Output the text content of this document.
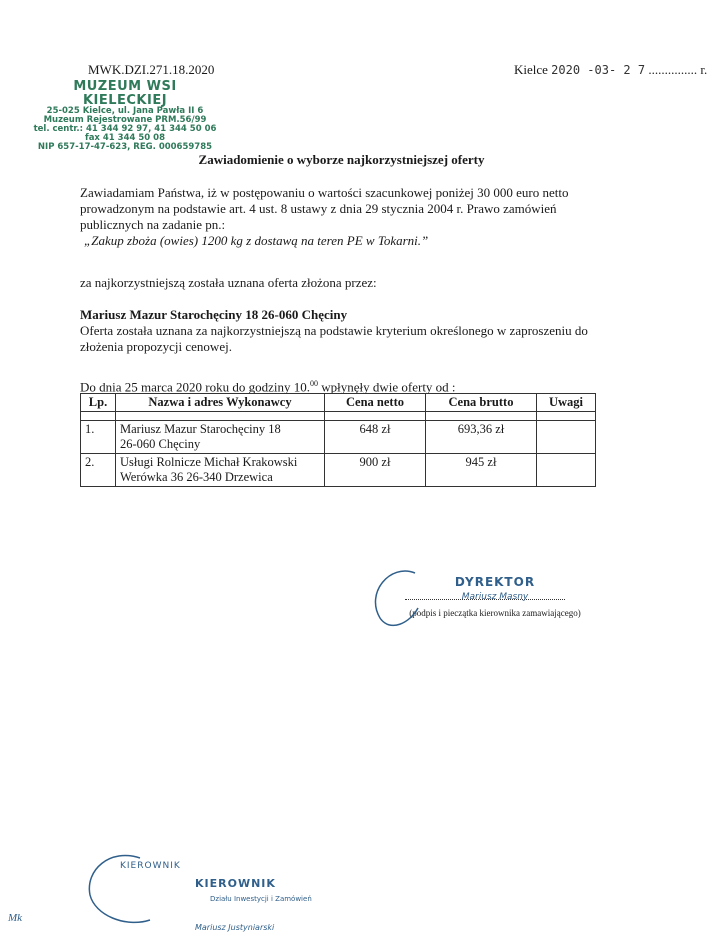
MWK.DZI.271.18.2020	Kielce 2020 -03- 2 7 ............... r.
MUZEUM WSI KIELECKIEJ
25-025 Kielce, ul. Jana Pawła II 6
Muzeum Rejestrowane PRM.56/99
tel. centr.: 41 344 92 97, 41 344 50 06
fax 41 344 50 08
NIP 657-17-47-623, REG. 000659785
Zawiadomienie o wyborze najkorzystniejszej oferty
Zawiadamiam Państwa, iż w postępowaniu o wartości szacunkowej poniżej 30 000 euro netto prowadzonym na podstawie art. 4 ust. 8 ustawy z dnia 29 stycznia 2004 r. Prawo zamówień publicznych na zadanie pn.:
„Zakup zboża (owies) 1200 kg z dostawą na teren PE w Tokarni.”
za najkorzystniejszą została uznana oferta złożona przez:
Mariusz Mazur Starochęciny 18 26-060 Chęciny
Oferta została uznana za najkorzystniejszą na podstawie kryterium określonego w zaproszeniu do złożenia propozycji cenowej.
Do dnia 25 marca 2020 roku do godziny 10.00 wpłynęły dwie oferty od :
Lp.	Nazwa i adres Wykonawcy	Cena netto	Cena brutto	Uwagi

1.	Mariusz Mazur Starochęciny 18
26-060 Chęciny	648 zł	693,36 zł	
2.	Usługi Rolnicze Michał Krakowski
Werówka 36 26-340 Drzewica	900 zł	945 zł	
DYREKTOR
Mariusz Masny
(podpis i pieczątka kierownika zamawiającego)
KIEROWNIK
KIEROWNIK
Działu Inwestycji i Zamówień
Mariusz Justyniarski
Mk
